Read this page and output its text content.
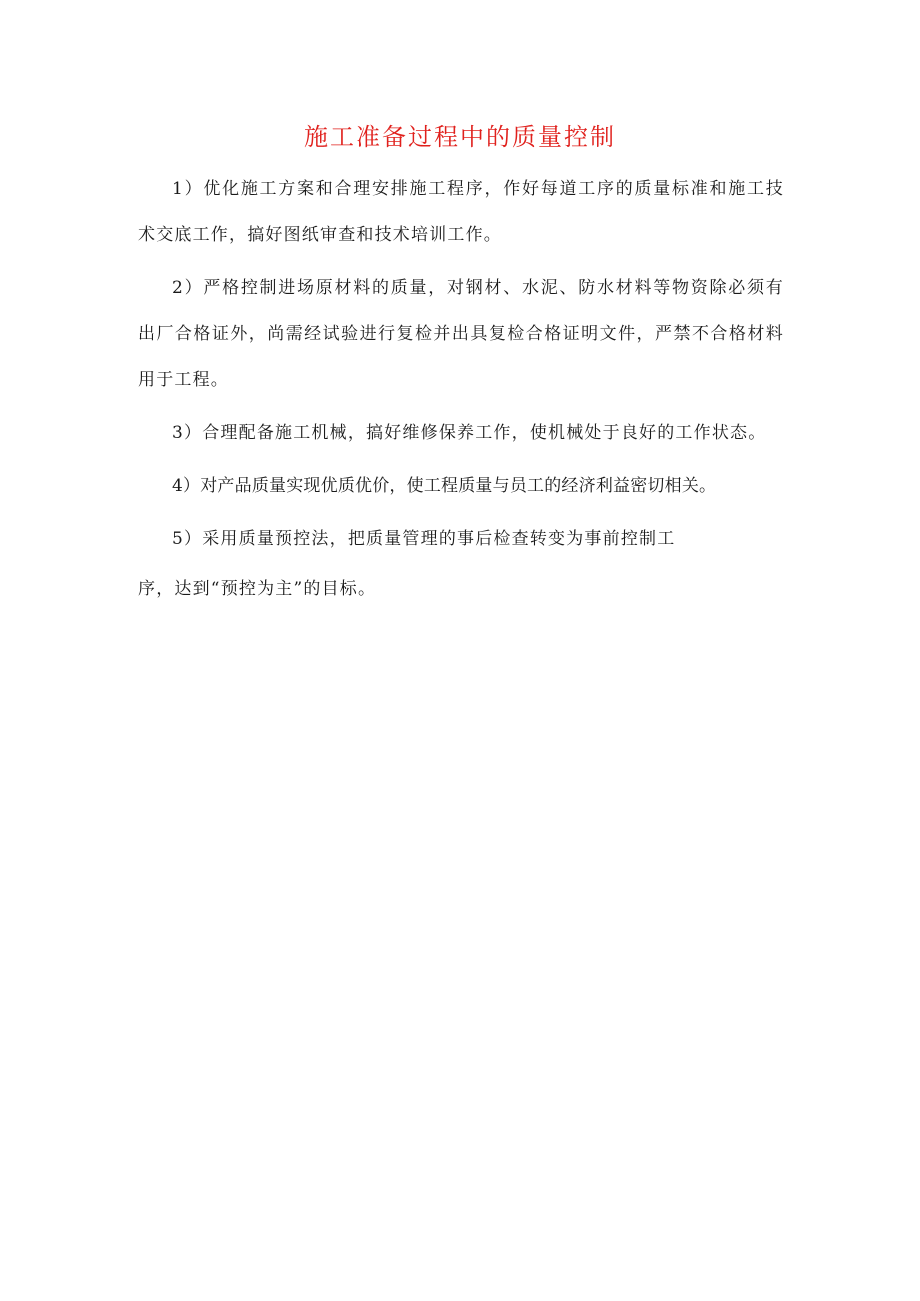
施工准备过程中的质量控制

1）优化施工方案和合理安排施工程序，作好每道工序的质量标准和施工技术交底工作，搞好图纸审查和技术培训工作。

2）严格控制进场原材料的质量，对钢材、水泥、防水材料等物资除必须有出厂合格证外，尚需经试验进行复检并出具复检合格证明文件，严禁不合格材料用于工程。

3）合理配备施工机械，搞好维修保养工作，使机械处于良好的工作状态。

4）对产品质量实现优质优价，使工程质量与员工的经济利益密切相关。

5）采用质量预控法，把质量管理的事后检查转变为事前控制工

序，达到“预控为主”的目标。
